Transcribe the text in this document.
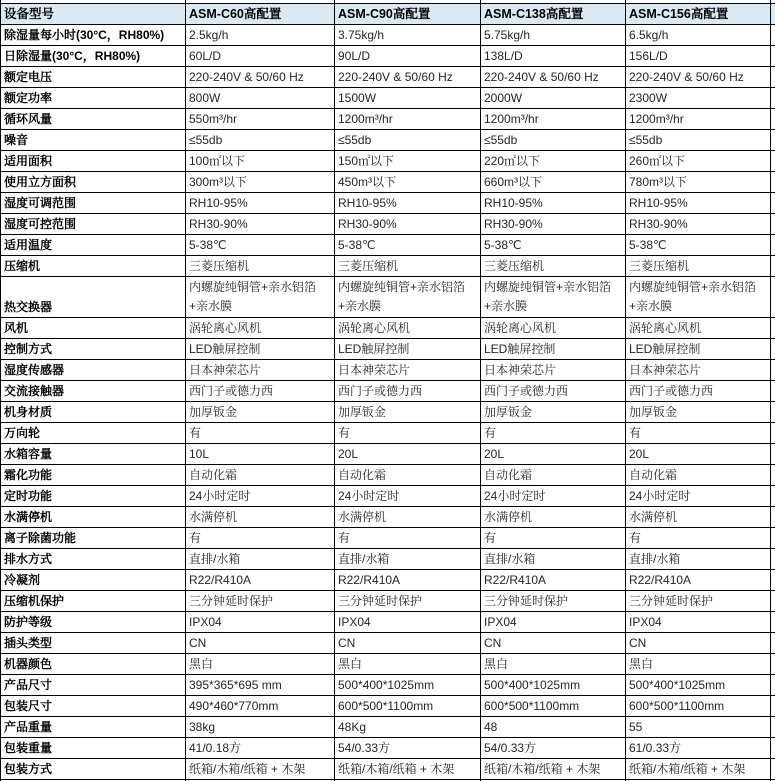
设备型号	ASM-C60高配置	ASM-C90高配置	ASM-C138高配置	ASM-C156高配置	
除湿量每小时(30°C，RH80%)	2.5kg/h	3.75kg/h	5.75kg/h	6.5kg/h	
日除湿量(30°C，RH80%)	60L/D	90L/D	138L/D	156L/D	
额定电压	220-240V & 50/60 Hz	220-240V & 50/60 Hz	220-240V & 50/60 Hz	220-240V & 50/60 Hz	
额定功率	800W	1500W	2000W	2300W	
循环风量	550m³/hr	1200m³/hr	1200m³/hr	1200m³/hr	
噪音	≤55db	≤55db	≤55db	≤55db	
适用面积	100㎡以下	150㎡以下	220㎡以下	260㎡以下	
使用立方面积	300m³以下	450m³以下	660m³以下	780m³以下	
湿度可调范围	RH10-95%	RH10-95%	RH10-95%	RH10-95%	
湿度可控范围	RH30-90%	RH30-90%	RH30-90%	RH30-90%	
适用温度	5-38℃	5-38℃	5-38℃	5-38℃	
压缩机	三菱压缩机	三菱压缩机	三菱压缩机	三菱压缩机	
热交换器	内螺旋纯铜管+亲水铝箔+亲水膜	内螺旋纯铜管+亲水铝箔+亲水膜	内螺旋纯铜管+亲水铝箔+亲水膜	内螺旋纯铜管+亲水铝箔+亲水膜	
风机	涡轮离心风机	涡轮离心风机	涡轮离心风机	涡轮离心风机	
控制方式	LED触屏控制	LED触屏控制	LED触屏控制	LED触屏控制	
湿度传感器	日本神荣芯片	日本神荣芯片	日本神荣芯片	日本神荣芯片	
交流接触器	西门子或德力西	西门子或德力西	西门子或德力西	西门子或德力西	
机身材质	加厚钣金	加厚钣金	加厚钣金	加厚钣金	
万向轮	有	有	有	有	
水箱容量	10L	20L	20L	20L	
霜化功能	自动化霜	自动化霜	自动化霜	自动化霜	
定时功能	24小时定时	24小时定时	24小时定时	24小时定时	
水满停机	水满停机	水满停机	水满停机	水满停机	
离子除菌功能	有	有	有	有	
排水方式	直排/水箱	直排/水箱	直排/水箱	直排/水箱	
冷凝剂	R22/R410A	R22/R410A	R22/R410A	R22/R410A	
压缩机保护	三分钟延时保护	三分钟延时保护	三分钟延时保护	三分钟延时保护	
防护等级	IPX04	IPX04	IPX04	IPX04	
插头类型	CN	CN	CN	CN	
机器颜色	黑白	黑白	黑白	黑白	
产品尺寸	395*365*695 mm	500*400*1025mm	500*400*1025mm	500*400*1025mm	
包装尺寸	490*460*770mm	600*500*1100mm	600*500*1100mm	600*500*1100mm	
产品重量	38kg	48Kg	48	55	
包装重量	41/0.18方	54/0.33方	54/0.33方	61/0.33方	
包装方式	纸箱/木箱/纸箱 + 木架	纸箱/木箱/纸箱 + 木架	纸箱/木箱/纸箱 + 木架	纸箱/木箱/纸箱 + 木架	
